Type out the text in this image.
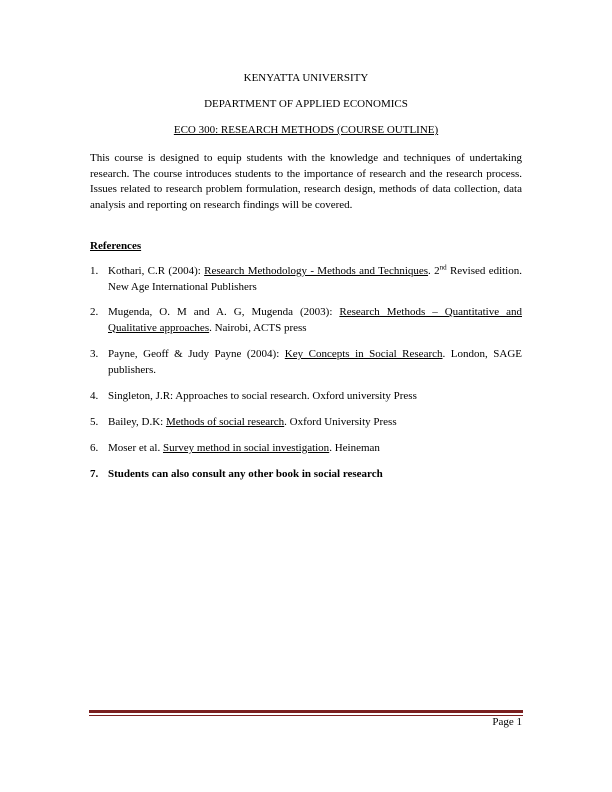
KENYATTA UNIVERSITY
DEPARTMENT OF APPLIED ECONOMICS
ECO 300: RESEARCH METHODS (COURSE OUTLINE)

This course is designed to equip students with the knowledge and techniques of undertaking research. The course introduces students to the importance of research and the research process. Issues related to research problem formulation, research design, methods of data collection, data analysis and reporting on research findings will be covered.

References
1. Kothari, C.R (2004): Research Methodology - Methods and Techniques. 2nd Revised edition. New Age International Publishers
2. Mugenda, O. M and A. G, Mugenda (2003): Research Methods – Quantitative and Qualitative approaches. Nairobi, ACTS press
3. Payne, Geoff & Judy Payne (2004): Key Concepts in Social Research. London, SAGE publishers.
4. Singleton, J.R: Approaches to social research. Oxford university Press
5. Bailey, D.K: Methods of social research. Oxford University Press
6. Moser et al. Survey method in social investigation. Heineman
7. Students can also consult any other book in social research
Page 1
